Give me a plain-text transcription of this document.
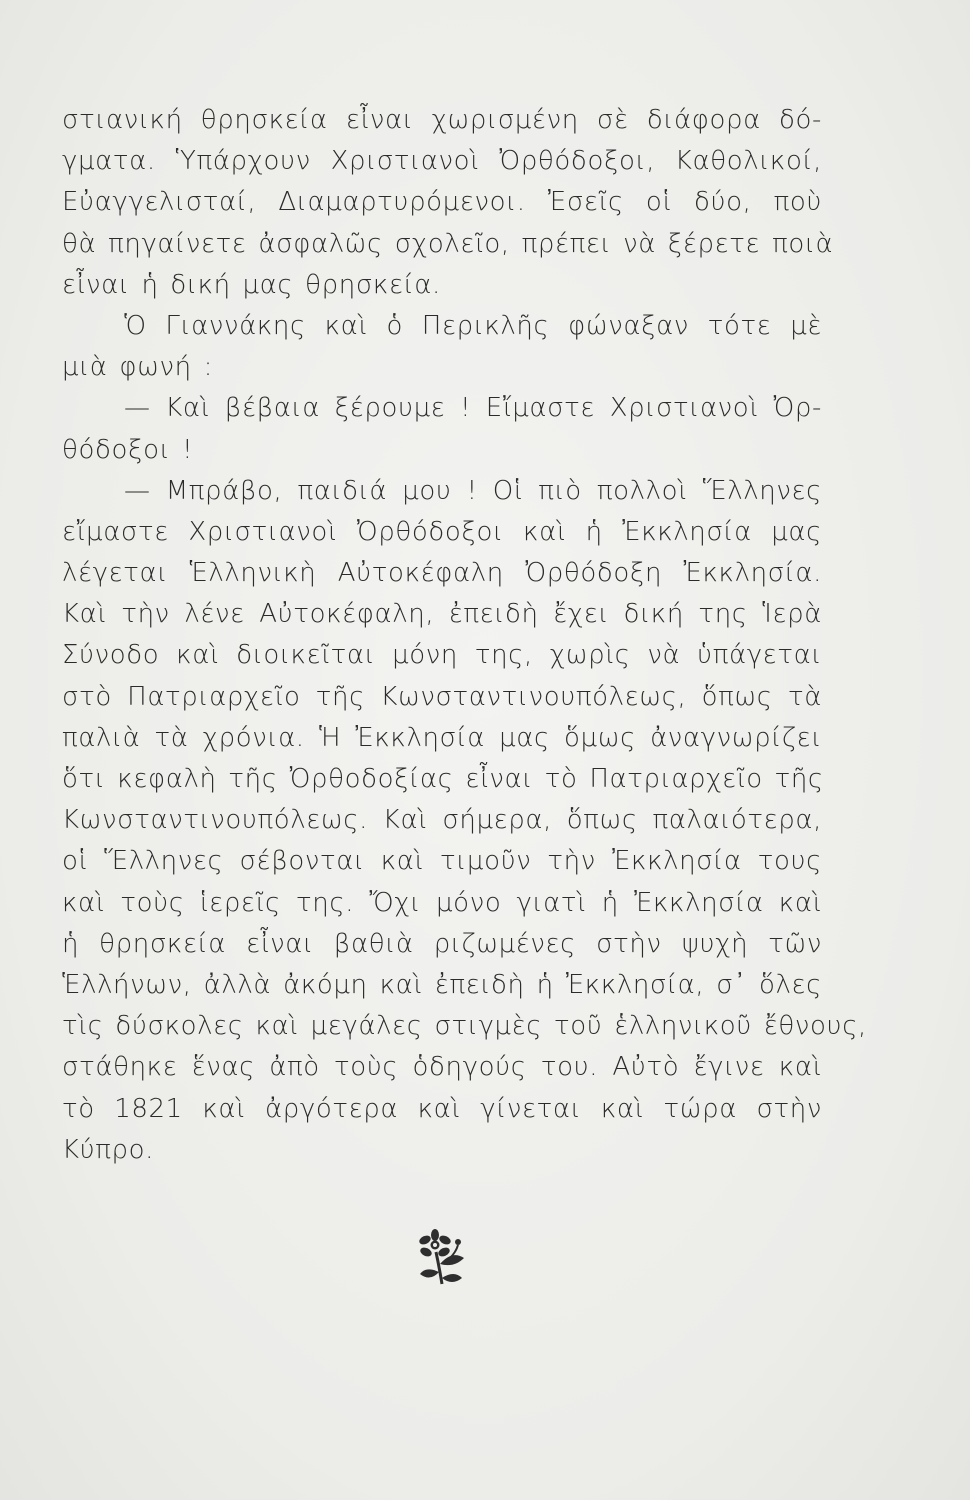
στιανική θρησκεία εἶναι χωρισμένη σὲ διάφορα δό-
γματα. Ὑπάρχουν Χριστιανοὶ Ὀρθόδοξοι, Καθολικοί,
Εὐαγγελισταί, Διαμαρτυρόμενοι. Ἐσεῖς οἱ δύο, ποὺ
θὰ πηγαίνετε ἀσφαλῶς σχολεῖο, πρέπει νὰ ξέρετε ποιὰ
εἶναι ἡ δική μας θρησκεία.
Ὁ Γιαννάκης καὶ ὁ Περικλῆς φώναξαν τότε μὲ
μιὰ φωνή :
— Καὶ βέβαια ξέρουμε ! Εἴμαστε Χριστιανοὶ Ὀρ-
θόδοξοι !
— Μπράβο, παιδιά μου ! Οἱ πιὸ πολλοὶ Ἕλληνες
εἴμαστε Χριστιανοὶ Ὀρθόδοξοι καὶ ἡ Ἐκκλησία μας
λέγεται Ἑλληνικὴ Αὐτοκέφαλη Ὀρθόδοξη Ἐκκλησία.
Καὶ τὴν λένε Αὐτοκέφαλη, ἐπειδὴ ἔχει δική της Ἱερὰ
Σύνοδο καὶ διοικεῖται μόνη της, χωρὶς νὰ ὑπάγεται
στὸ Πατριαρχεῖο τῆς Κωνσταντινουπόλεως, ὅπως τὰ
παλιὰ τὰ χρόνια. Ἡ Ἐκκλησία μας ὅμως ἀναγνωρίζει
ὅτι κεφαλὴ τῆς Ὀρθοδοξίας εἶναι τὸ Πατριαρχεῖο τῆς
Κωνσταντινουπόλεως. Καὶ σήμερα, ὅπως παλαιότερα,
οἱ Ἕλληνες σέβονται καὶ τιμοῦν τὴν Ἐκκλησία τους
καὶ τοὺς ἱερεῖς της. Ὄχι μόνο γιατὶ ἡ Ἐκκλησία καὶ
ἡ θρησκεία εἶναι βαθιὰ ριζωμένες στὴν ψυχὴ τῶν
Ἑλλήνων, ἀλλὰ ἀκόμη καὶ ἐπειδὴ ἡ Ἐκκλησία, σ᾽ ὅλες
τὶς δύσκολες καὶ μεγάλες στιγμὲς τοῦ ἑλληνικοῦ ἔθνους,
στάθηκε ἕνας ἀπὸ τοὺς ὁδηγούς του. Αὐτὸ ἔγινε καὶ
τὸ 1821 καὶ ἀργότερα καὶ γίνεται καὶ τώρα στὴν
Κύπρο.
